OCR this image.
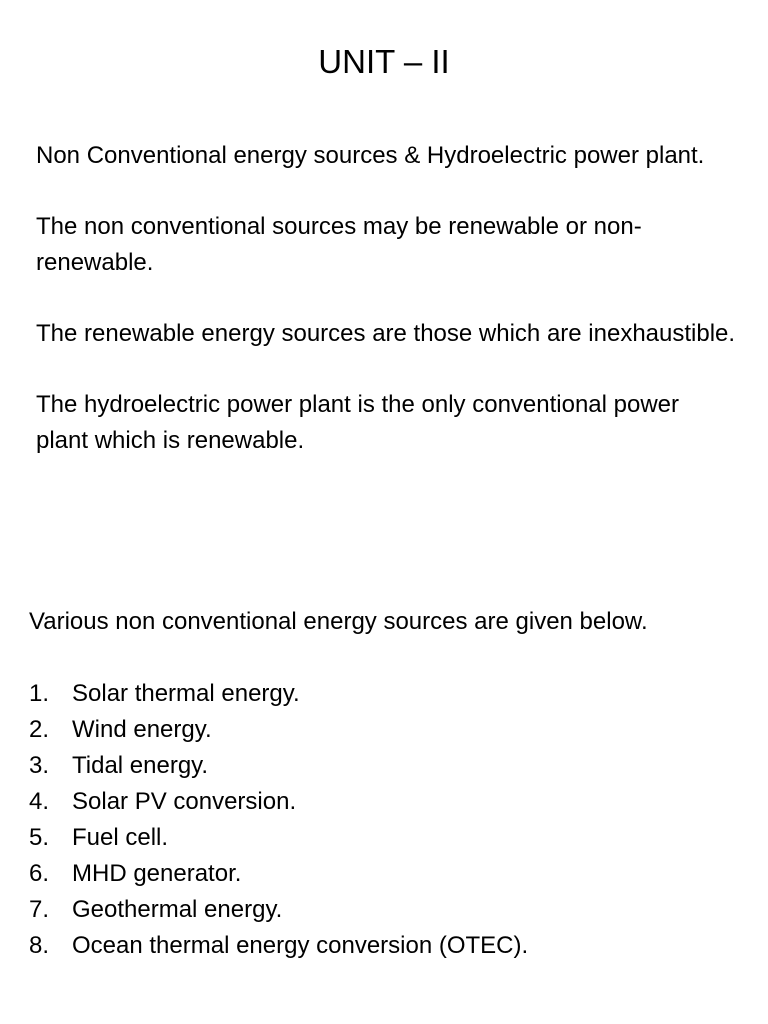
UNIT – II

Non Conventional energy sources & Hydroelectric power plant.

The non conventional sources may be renewable or non-renewable.

The renewable energy sources are those which are inexhaustible.

The hydroelectric power plant is the only conventional power plant which is renewable.

Various non conventional energy sources are given below.

1. Solar thermal energy.
2. Wind energy.
3. Tidal energy.
4. Solar PV conversion.
5. Fuel cell.
6. MHD generator.
7. Geothermal energy.
8. Ocean thermal energy conversion (OTEC).
